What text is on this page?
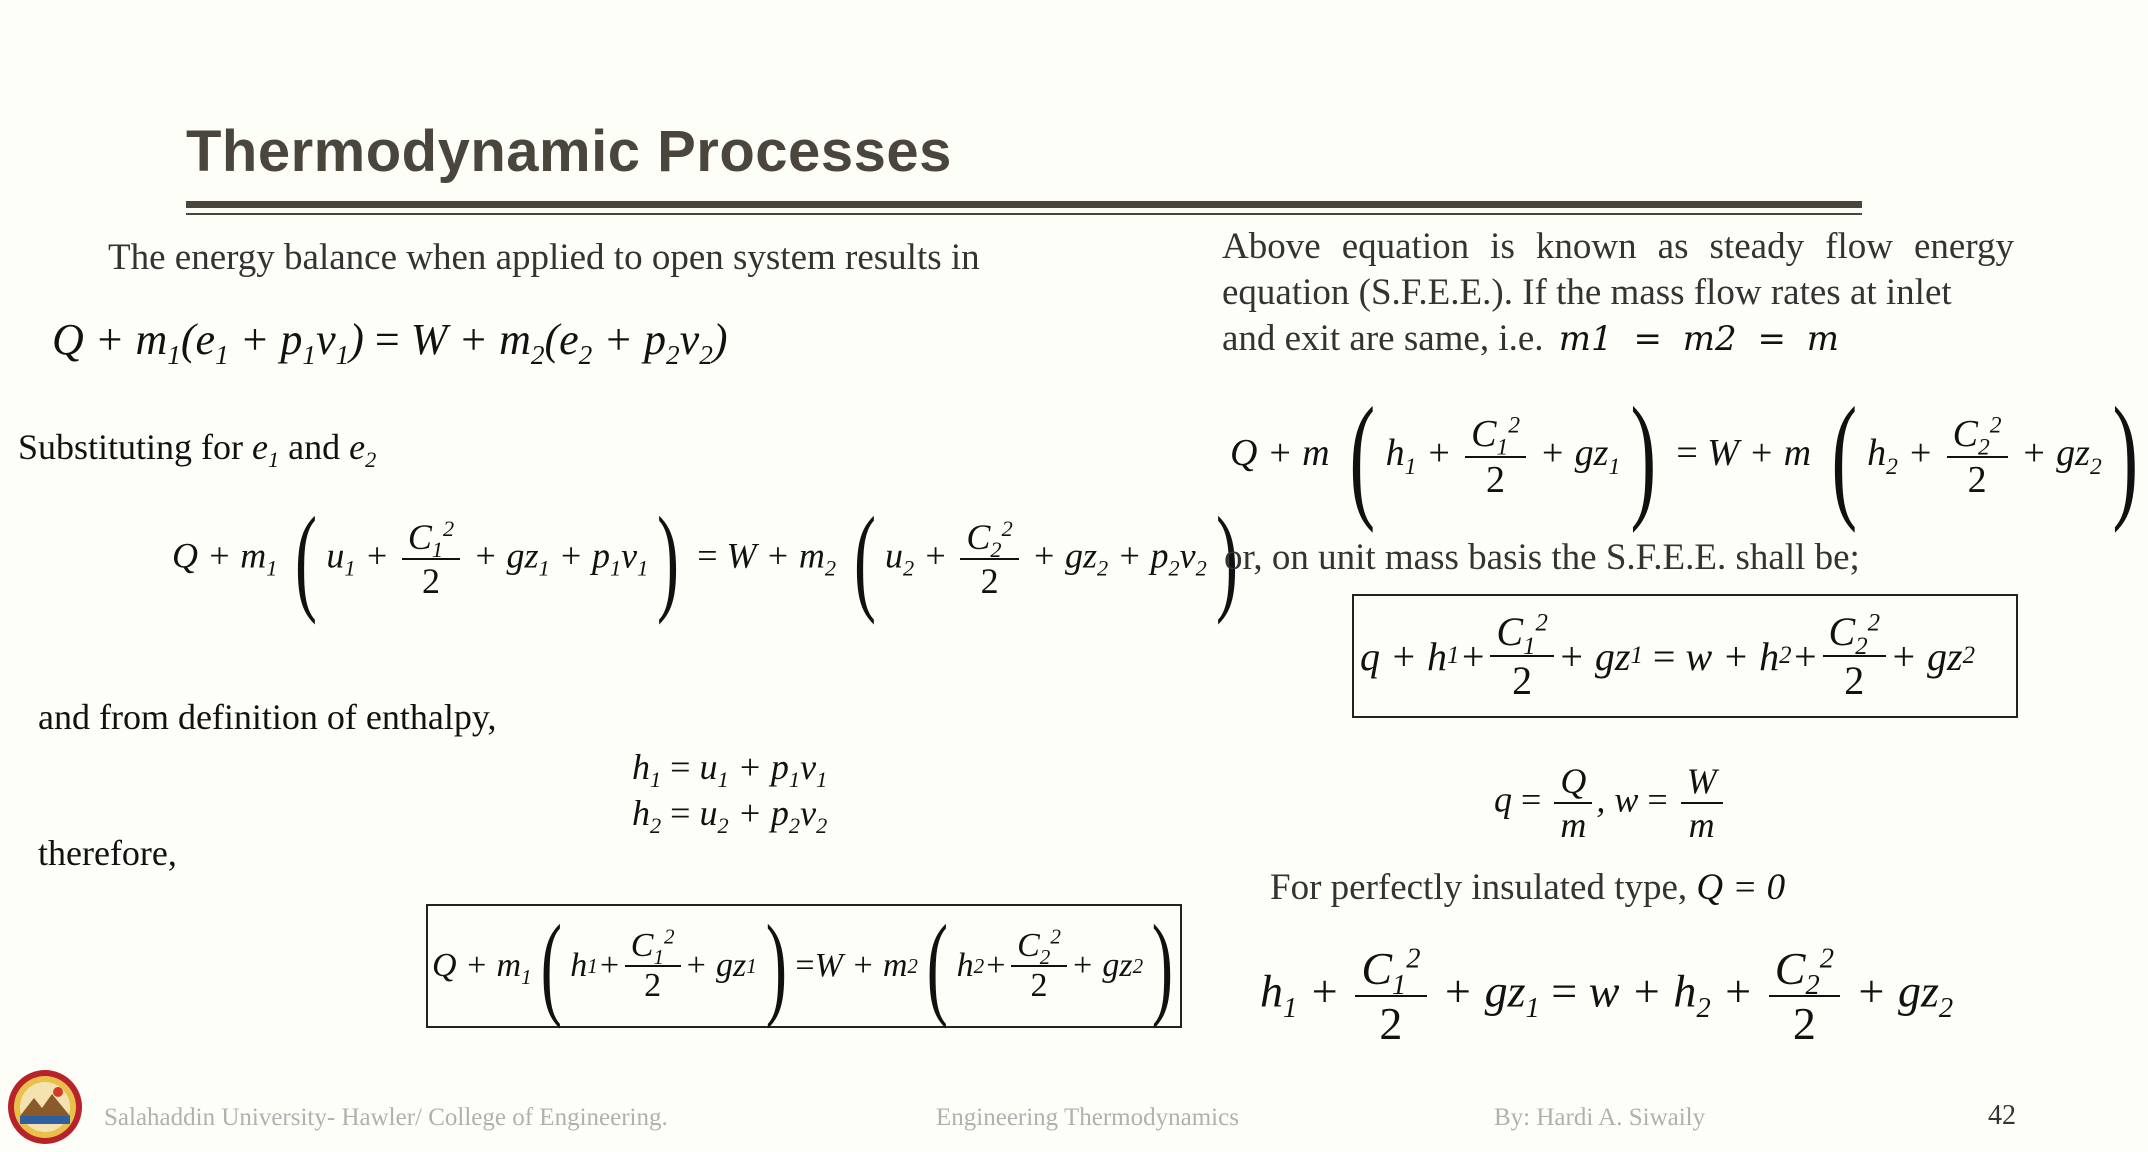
Thermodynamic Processes
The energy balance when applied to open system results in
$Q + m_1(e_1 + p_1v_1) = W + m_2(e_2 + p_2v_2)$
Substituting for $e_1$ and $e_2$
$Q + m_1$ ( $u_1 + \frac{C_1^2}{2} + gz_1 + p_1v_1) = W + m_2$ ( $u_2 + \frac{C_2^2}{2} + gz_2 + p_2v_2$)
and from definition of enthalpy,
$h_1 = u_1 + p_1v_1$
$h_2 = u_2 + p_2v_2$
therefore,
$Q + m_1$ ( h $1 + \frac{C_1^2}{2}$ + gz 1 ) = W + m 2 ( h $2 + \frac{C_2^2}{2}$ + gz 2 )
Above equation is known as steady flow energy
equation (S.F.E.E.). If the mass flow rates at inlet
and exit are same, i.e. m1 = m2 = m
Q + m ( $h_1 + \frac{C_1^2}{2} + gz_1) = W + m$ ( $h_2 + \frac{C_2^2}{2} + gz_2$)
or, on unit mass basis the S.F.E.E. shall be;
q + h $1 + \frac{C_1^2}{2}$ + gz 1 = w + h $2 + \frac{C_2^2}{2}$ + gz 2
$q = \frac{Q}{m}$ , $w = \frac{W}{m}$
For perfectly insulated type, Q = 0
$h_1 + \frac{C_1^2}{2} + gz_1 = w + h_2 + \frac{C_2^2}{2} + gz_2$
Salahaddin University- Hawler/ College of Engineering.	Engineering Thermodynamics	By: Hardi A. Siwaily	42
